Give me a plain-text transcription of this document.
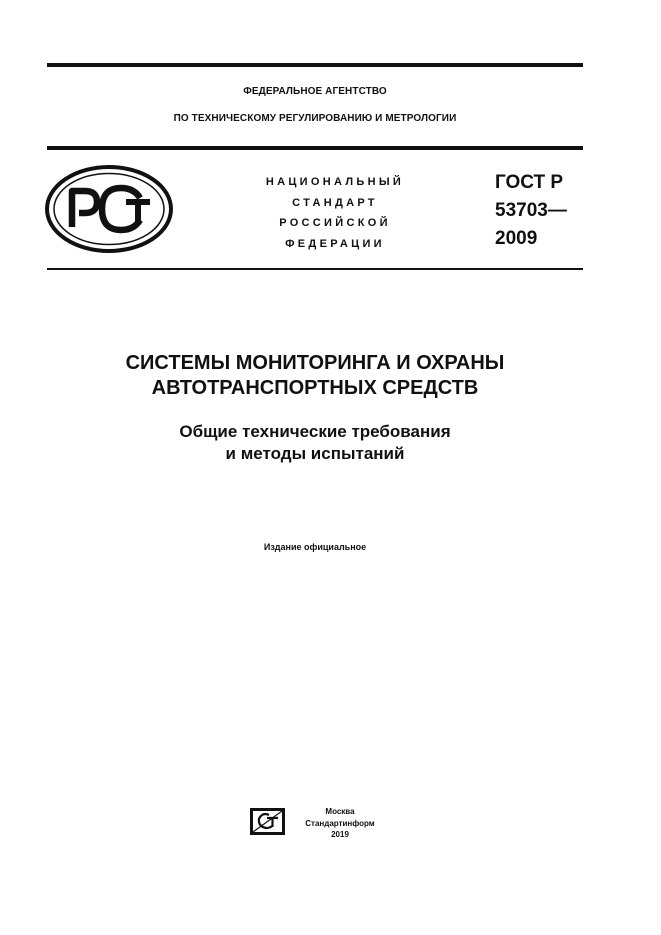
ФЕДЕРАЛЬНОЕ АГЕНТСТВО
ПО ТЕХНИЧЕСКОМУ РЕГУЛИРОВАНИЮ И МЕТРОЛОГИИ
НАЦИОНАЛЬНЫЙ
СТАНДАРТ
РОССИЙСКОЙ
ФЕДЕРАЦИИ
ГОСТ Р
53703—
2009
СИСТЕМЫ МОНИТОРИНГА И ОХРАНЫ
АВТОТРАНСПОРТНЫХ СРЕДСТВ
Общие технические требования
и методы испытаний
Издание официальное
Москва
Стандартинформ
2019
